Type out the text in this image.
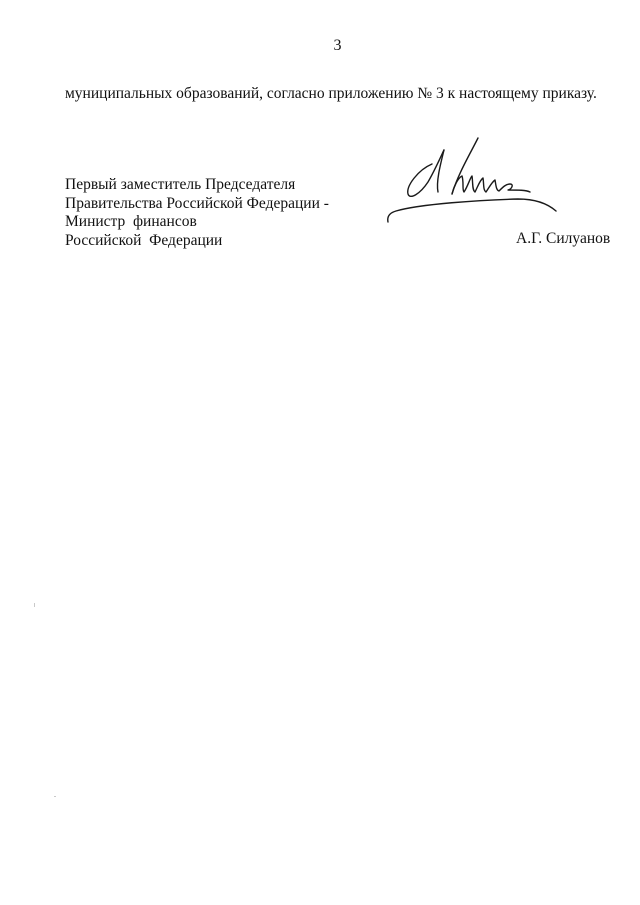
3
муниципальных образований, согласно приложению № 3 к настоящему приказу.
Первый заместитель Председателя
Правительства Российской Федерации -
Министр  финансов
Российской  Федерации	А.Г. Силуанов
